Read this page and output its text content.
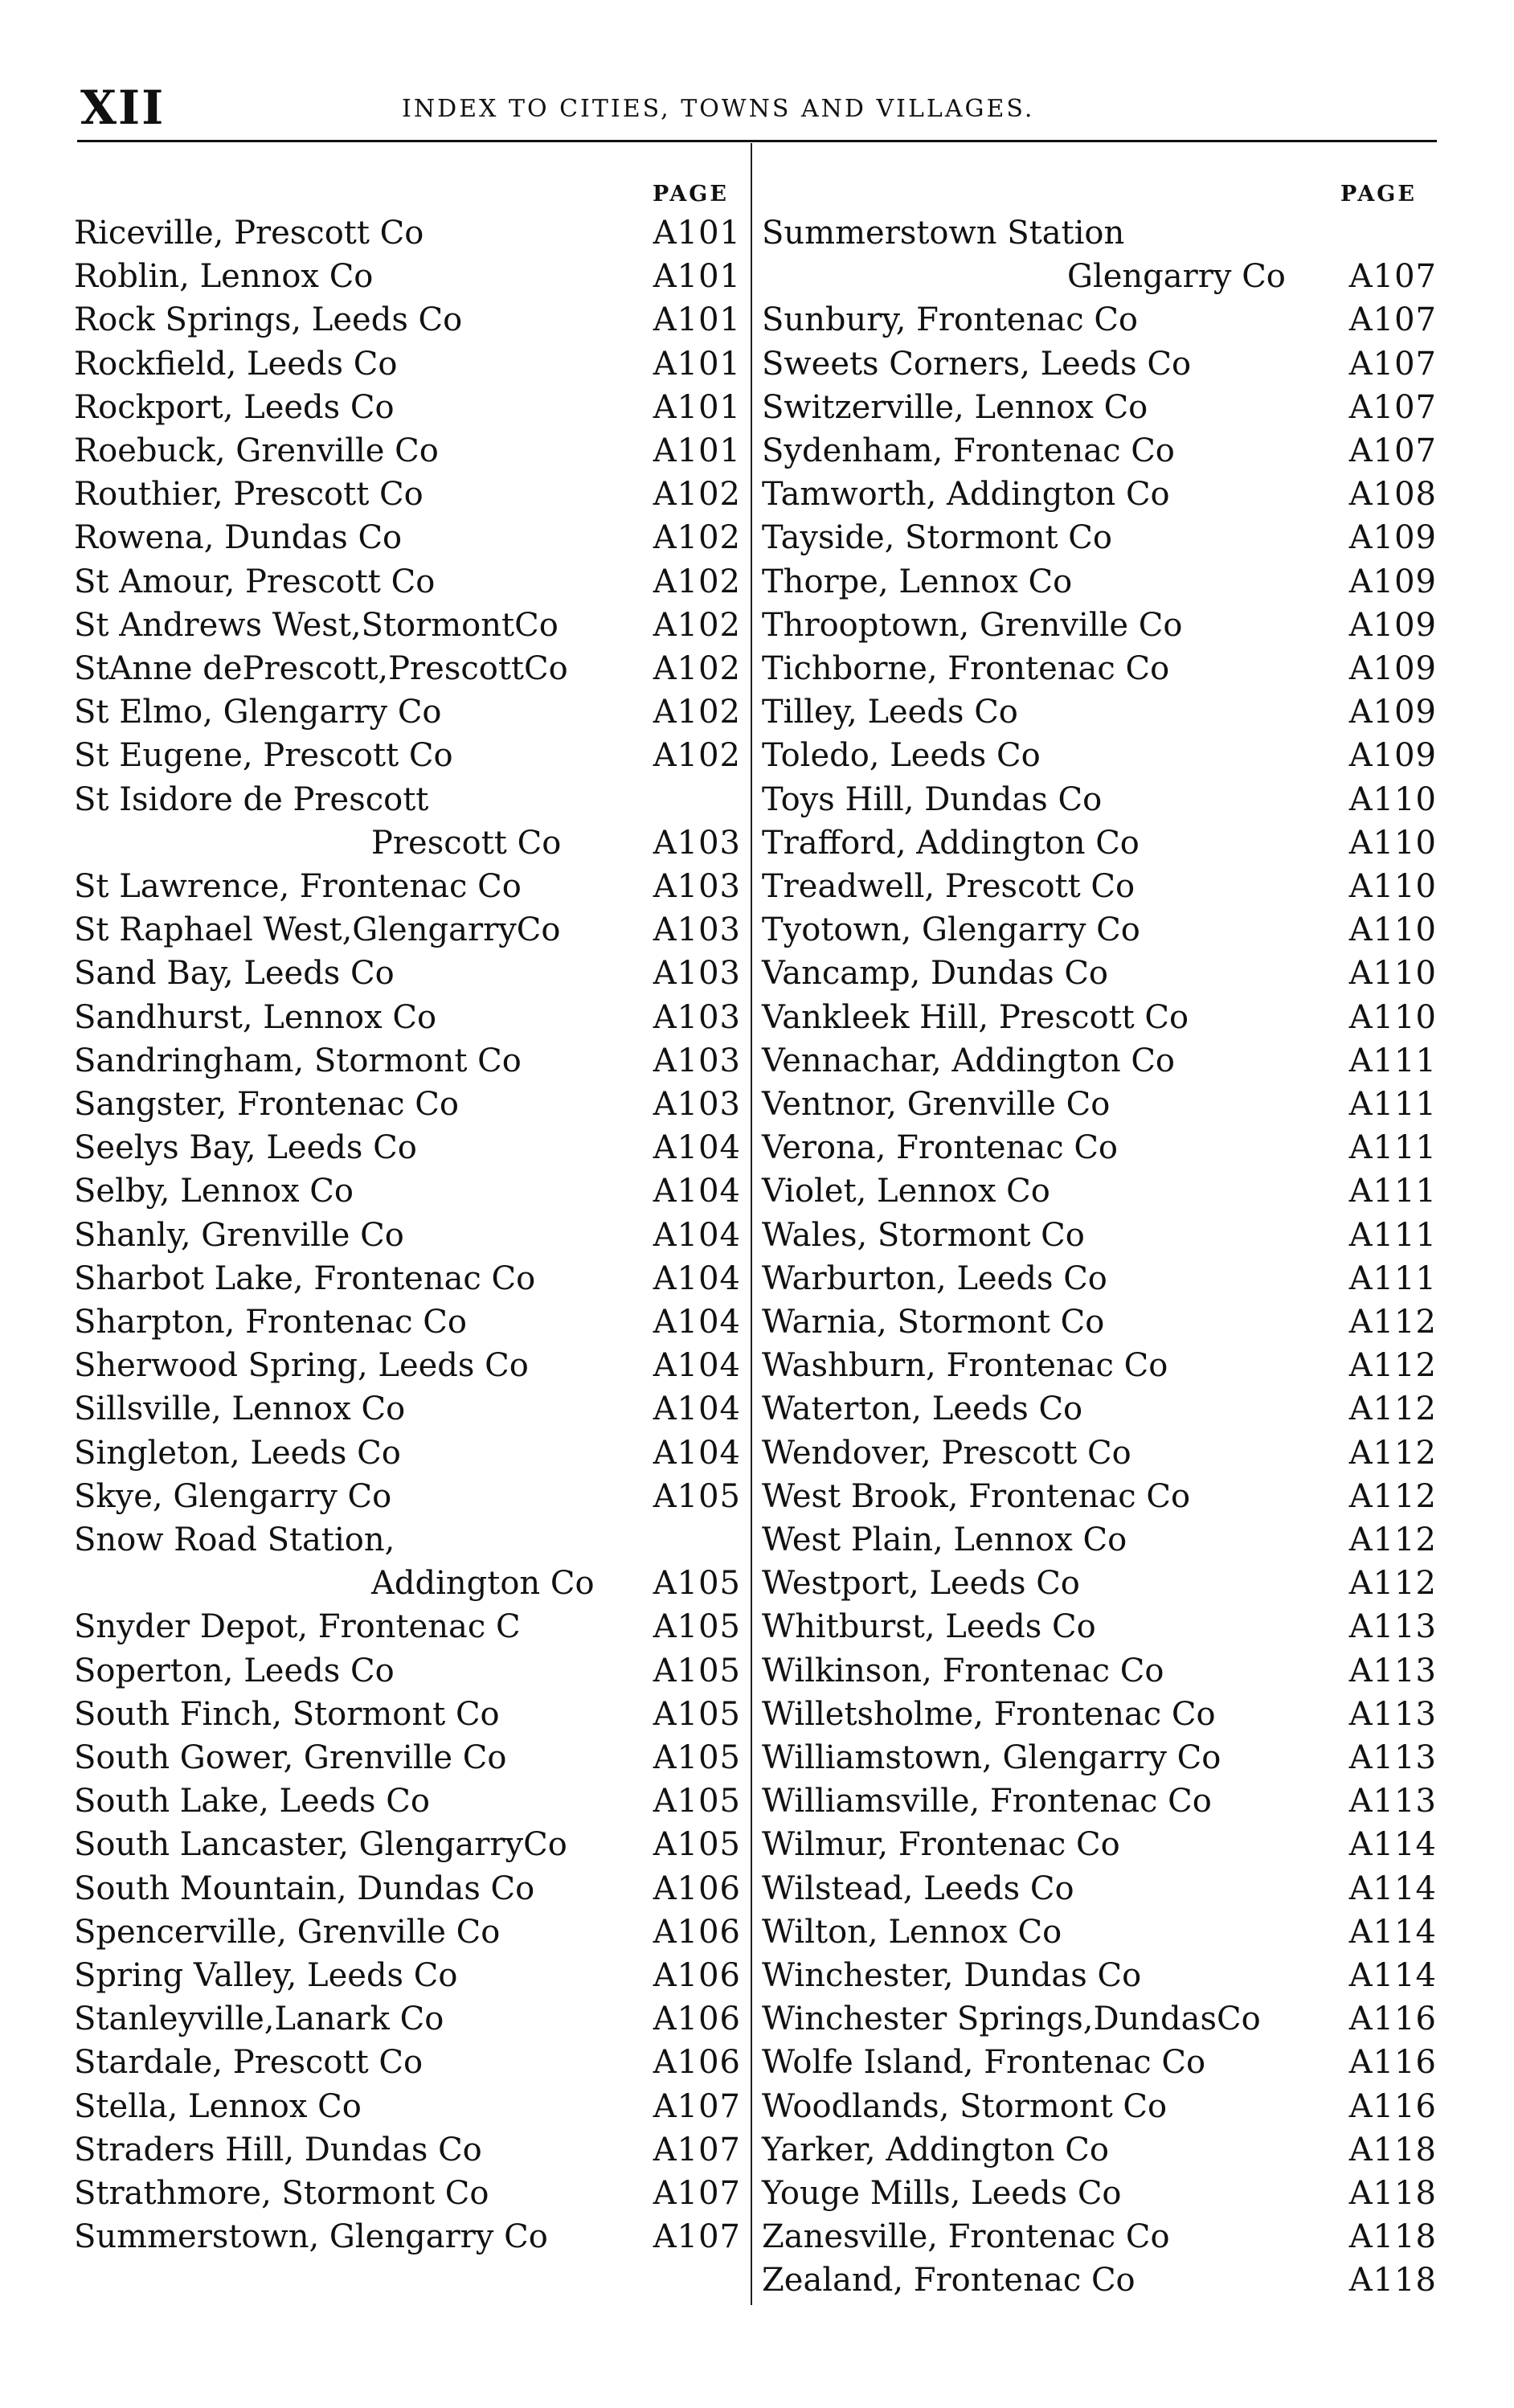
XII	INDEX TO CITIES, TOWNS AND VILLAGES.
PAGE	PAGE
Riceville, Prescott Co	A101
Roblin, Lennox Co	A101
Rock Springs, Leeds Co	A101
Rockfield, Leeds Co	A101
Rockport, Leeds Co	A101
Roebuck, Grenville Co	A101
Routhier, Prescott Co	A102
Rowena, Dundas Co	A102
St Amour, Prescott Co	A102
St Andrews West,StormontCo	A102
StAnne dePrescott,PrescottCo	A102
St Elmo, Glengarry Co	A102
St Eugene, Prescott Co	A102
St Isidore de Prescott
Prescott Co	A103
St Lawrence, Frontenac Co	A103
St Raphael West,GlengarryCo	A103
Sand Bay, Leeds Co	A103
Sandhurst, Lennox Co	A103
Sandringham, Stormont Co	A103
Sangster, Frontenac Co	A103
Seelys Bay, Leeds Co	A104
Selby, Lennox Co	A104
Shanly, Grenville Co	A104
Sharbot Lake, Frontenac Co	A104
Sharpton, Frontenac Co	A104
Sherwood Spring, Leeds Co	A104
Sillsville, Lennox Co	A104
Singleton, Leeds Co	A104
Skye, Glengarry Co	A105
Snow Road Station,
Addington Co A105
Snyder Depot, Frontenac C	A105
Soperton, Leeds Co	A105
South Finch, Stormont Co	A105
South Gower, Grenville Co	A105
South Lake, Leeds Co	A105
South Lancaster, GlengarryCo	A105
South Mountain, Dundas Co	A106
Spencerville, Grenville Co	A106
Spring Valley, Leeds Co	A106
Stanleyville,Lanark Co	A106
Stardale, Prescott Co	A106
Stella, Lennox Co	A107
Straders Hill, Dundas Co	A107
Strathmore, Stormont Co	A107
Summerstown, Glengarry Co	A107
Summerstown Station
Glengarry Co A107
Sunbury, Frontenac Co	A107
Sweets Corners, Leeds Co	A107
Switzerville, Lennox Co	A107
Sydenham, Frontenac Co	A107
Tamworth, Addington Co	A108
Tayside, Stormont Co	A109
Thorpe, Lennox Co	A109
Throoptown, Grenville Co	A109
Tichborne, Frontenac Co	A109
Tilley, Leeds Co	A109
Toledo, Leeds Co	A109
Toys Hill, Dundas Co	A110
Trafford, Addington Co	A110
Treadwell, Prescott Co	A110
Tyotown, Glengarry Co	A110
Vancamp, Dundas Co	A110
Vankleek Hill, Prescott Co	A110
Vennachar, Addington Co	A111
Ventnor, Grenville Co	A111
Verona, Frontenac Co	A111
Violet, Lennox Co	A111
Wales, Stormont Co	A111
Warburton, Leeds Co	A111
Warnia, Stormont Co	A112
Washburn, Frontenac Co	A112
Waterton, Leeds Co	A112
Wendover, Prescott Co	A112
West Brook, Frontenac Co	A112
West Plain, Lennox Co	A112
Westport, Leeds Co	A112
Whitburst, Leeds Co	A113
Wilkinson, Frontenac Co	A113
Willetsholme, Frontenac Co	A113
Williamstown, Glengarry Co	A113
Williamsville, Frontenac Co	A113
Wilmur, Frontenac Co	A114
Wilstead, Leeds Co	A114
Wilton, Lennox Co	A114
Winchester, Dundas Co	A114
Winchester Springs,DundasCo	A116
Wolfe Island, Frontenac Co	A116
Woodlands, Stormont Co	A116
Yarker, Addington Co	A118
Youge Mills, Leeds Co	A118
Zanesville, Frontenac Co	A118
Zealand, Frontenac Co	A118
